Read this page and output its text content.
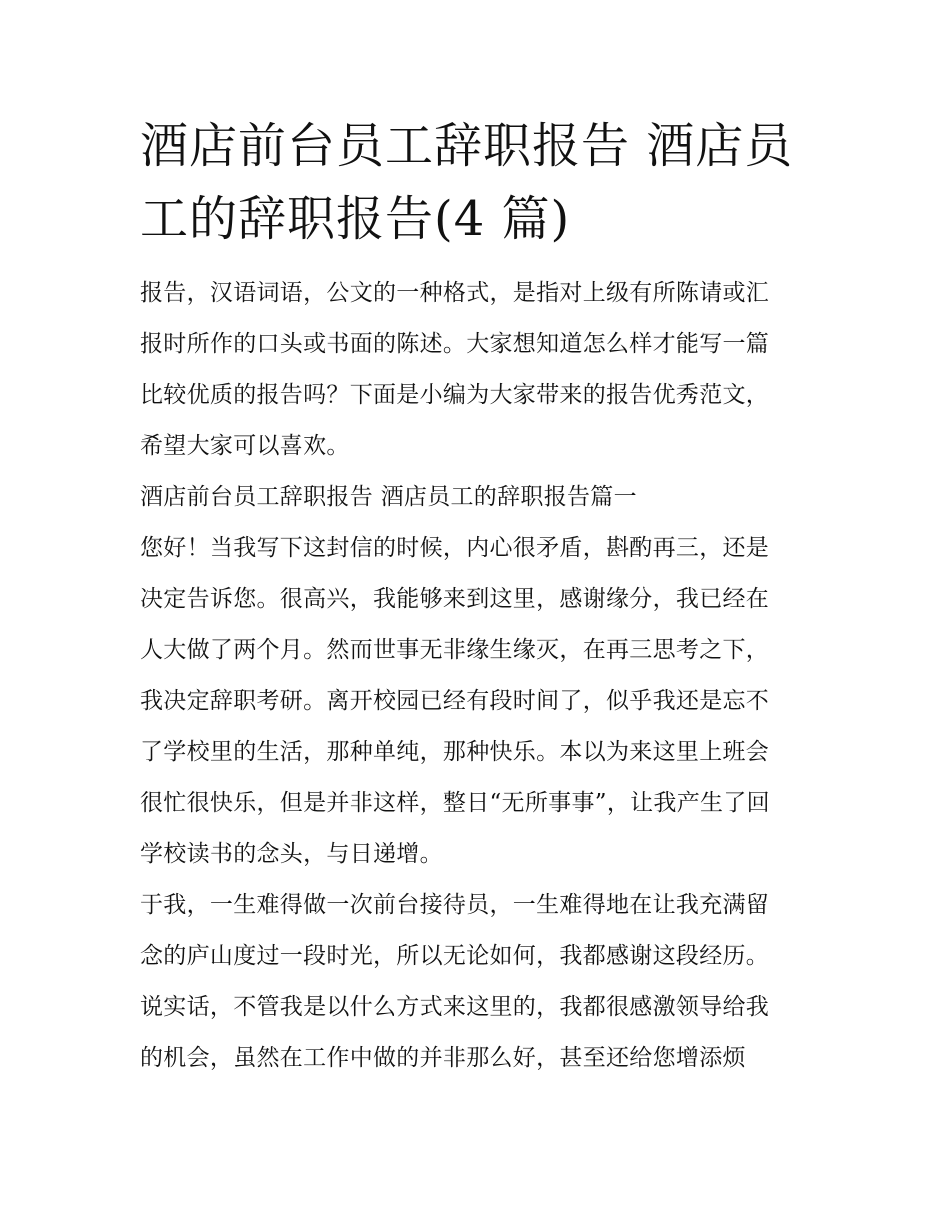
酒店前台员工辞职报告 酒店员
工的辞职报告(4 篇)

报告，汉语词语，公文的一种格式，是指对上级有所陈请或汇
报时所作的口头或书面的陈述。大家想知道怎么样才能写一篇
比较优质的报告吗？下面是小编为大家带来的报告优秀范文，
希望大家可以喜欢。

酒店前台员工辞职报告 酒店员工的辞职报告篇一

您好！当我写下这封信的时候，内心很矛盾，斟酌再三，还是
决定告诉您。很高兴，我能够来到这里，感谢缘分，我已经在
人大做了两个月。然而世事无非缘生缘灭，在再三思考之下，
我决定辞职考研。离开校园已经有段时间了，似乎我还是忘不
了学校里的生活，那种单纯，那种快乐。本以为来这里上班会
很忙很快乐，但是并非这样，整日“无所事事”，让我产生了回
学校读书的念头，与日递增。

于我，一生难得做一次前台接待员，一生难得地在让我充满留
念的庐山度过一段时光，所以无论如何，我都感谢这段经历。
说实话，不管我是以什么方式来这里的，我都很感激领导给我
的机会，虽然在工作中做的并非那么好，甚至还给您增添烦
